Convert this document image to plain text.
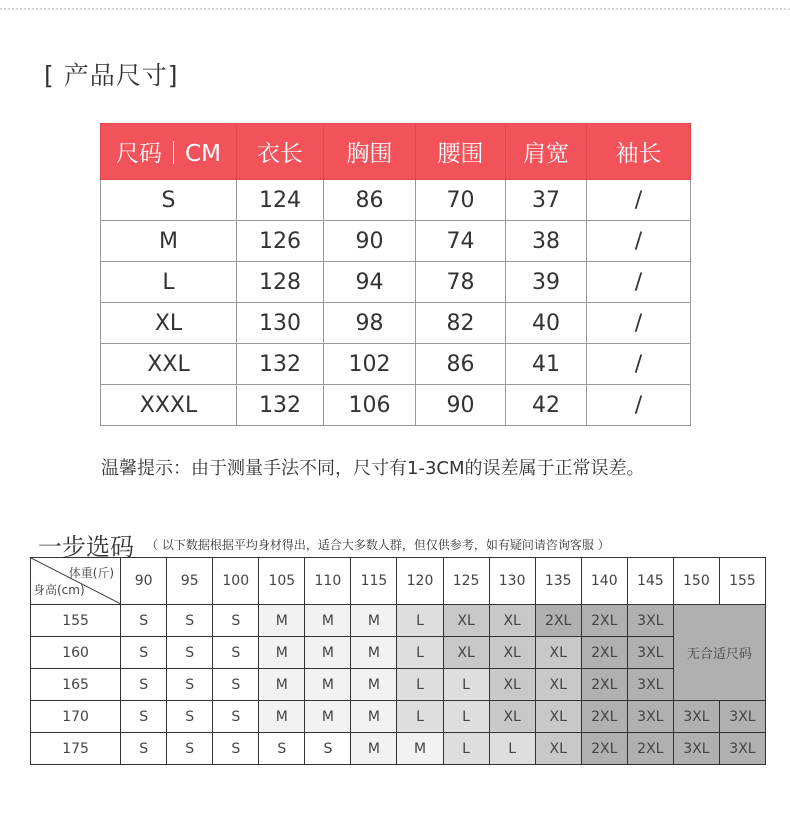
[ 产品尺寸]
尺码｜CM	衣长	胸围	腰围	肩宽	袖长
S	124	86	70	37	/
M	126	90	74	38	/
L	128	94	78	39	/
XL	130	98	82	40	/
XXL	132	102	86	41	/
XXXL	132	106	90	42	/
温馨提示：由于测量手法不同，尺寸有1-3CM的误差属于正常误差。
一步选码 （ 以下数据根据平均身材得出，适合大多数人群，但仅供参考，如有疑问请咨询客服 ）
体重(斤)
身高(cm)	90	95	100	105	110	115	120	125	130	135	140	145	150	155
155	S	S	S	M	M	M	L	XL	XL	2XL	2XL	3XL	无合适尺码	
160	S	S	S	M	M	M	L	XL	XL	XL	2XL	3XL		
165	S	S	S	M	M	M	L	L	XL	XL	2XL	3XL		
170	S	S	S	M	M	M	L	L	XL	XL	2XL	3XL	3XL	3XL
175	S	S	S	S	S	M	M	L	L	XL	2XL	2XL	3XL	3XL
